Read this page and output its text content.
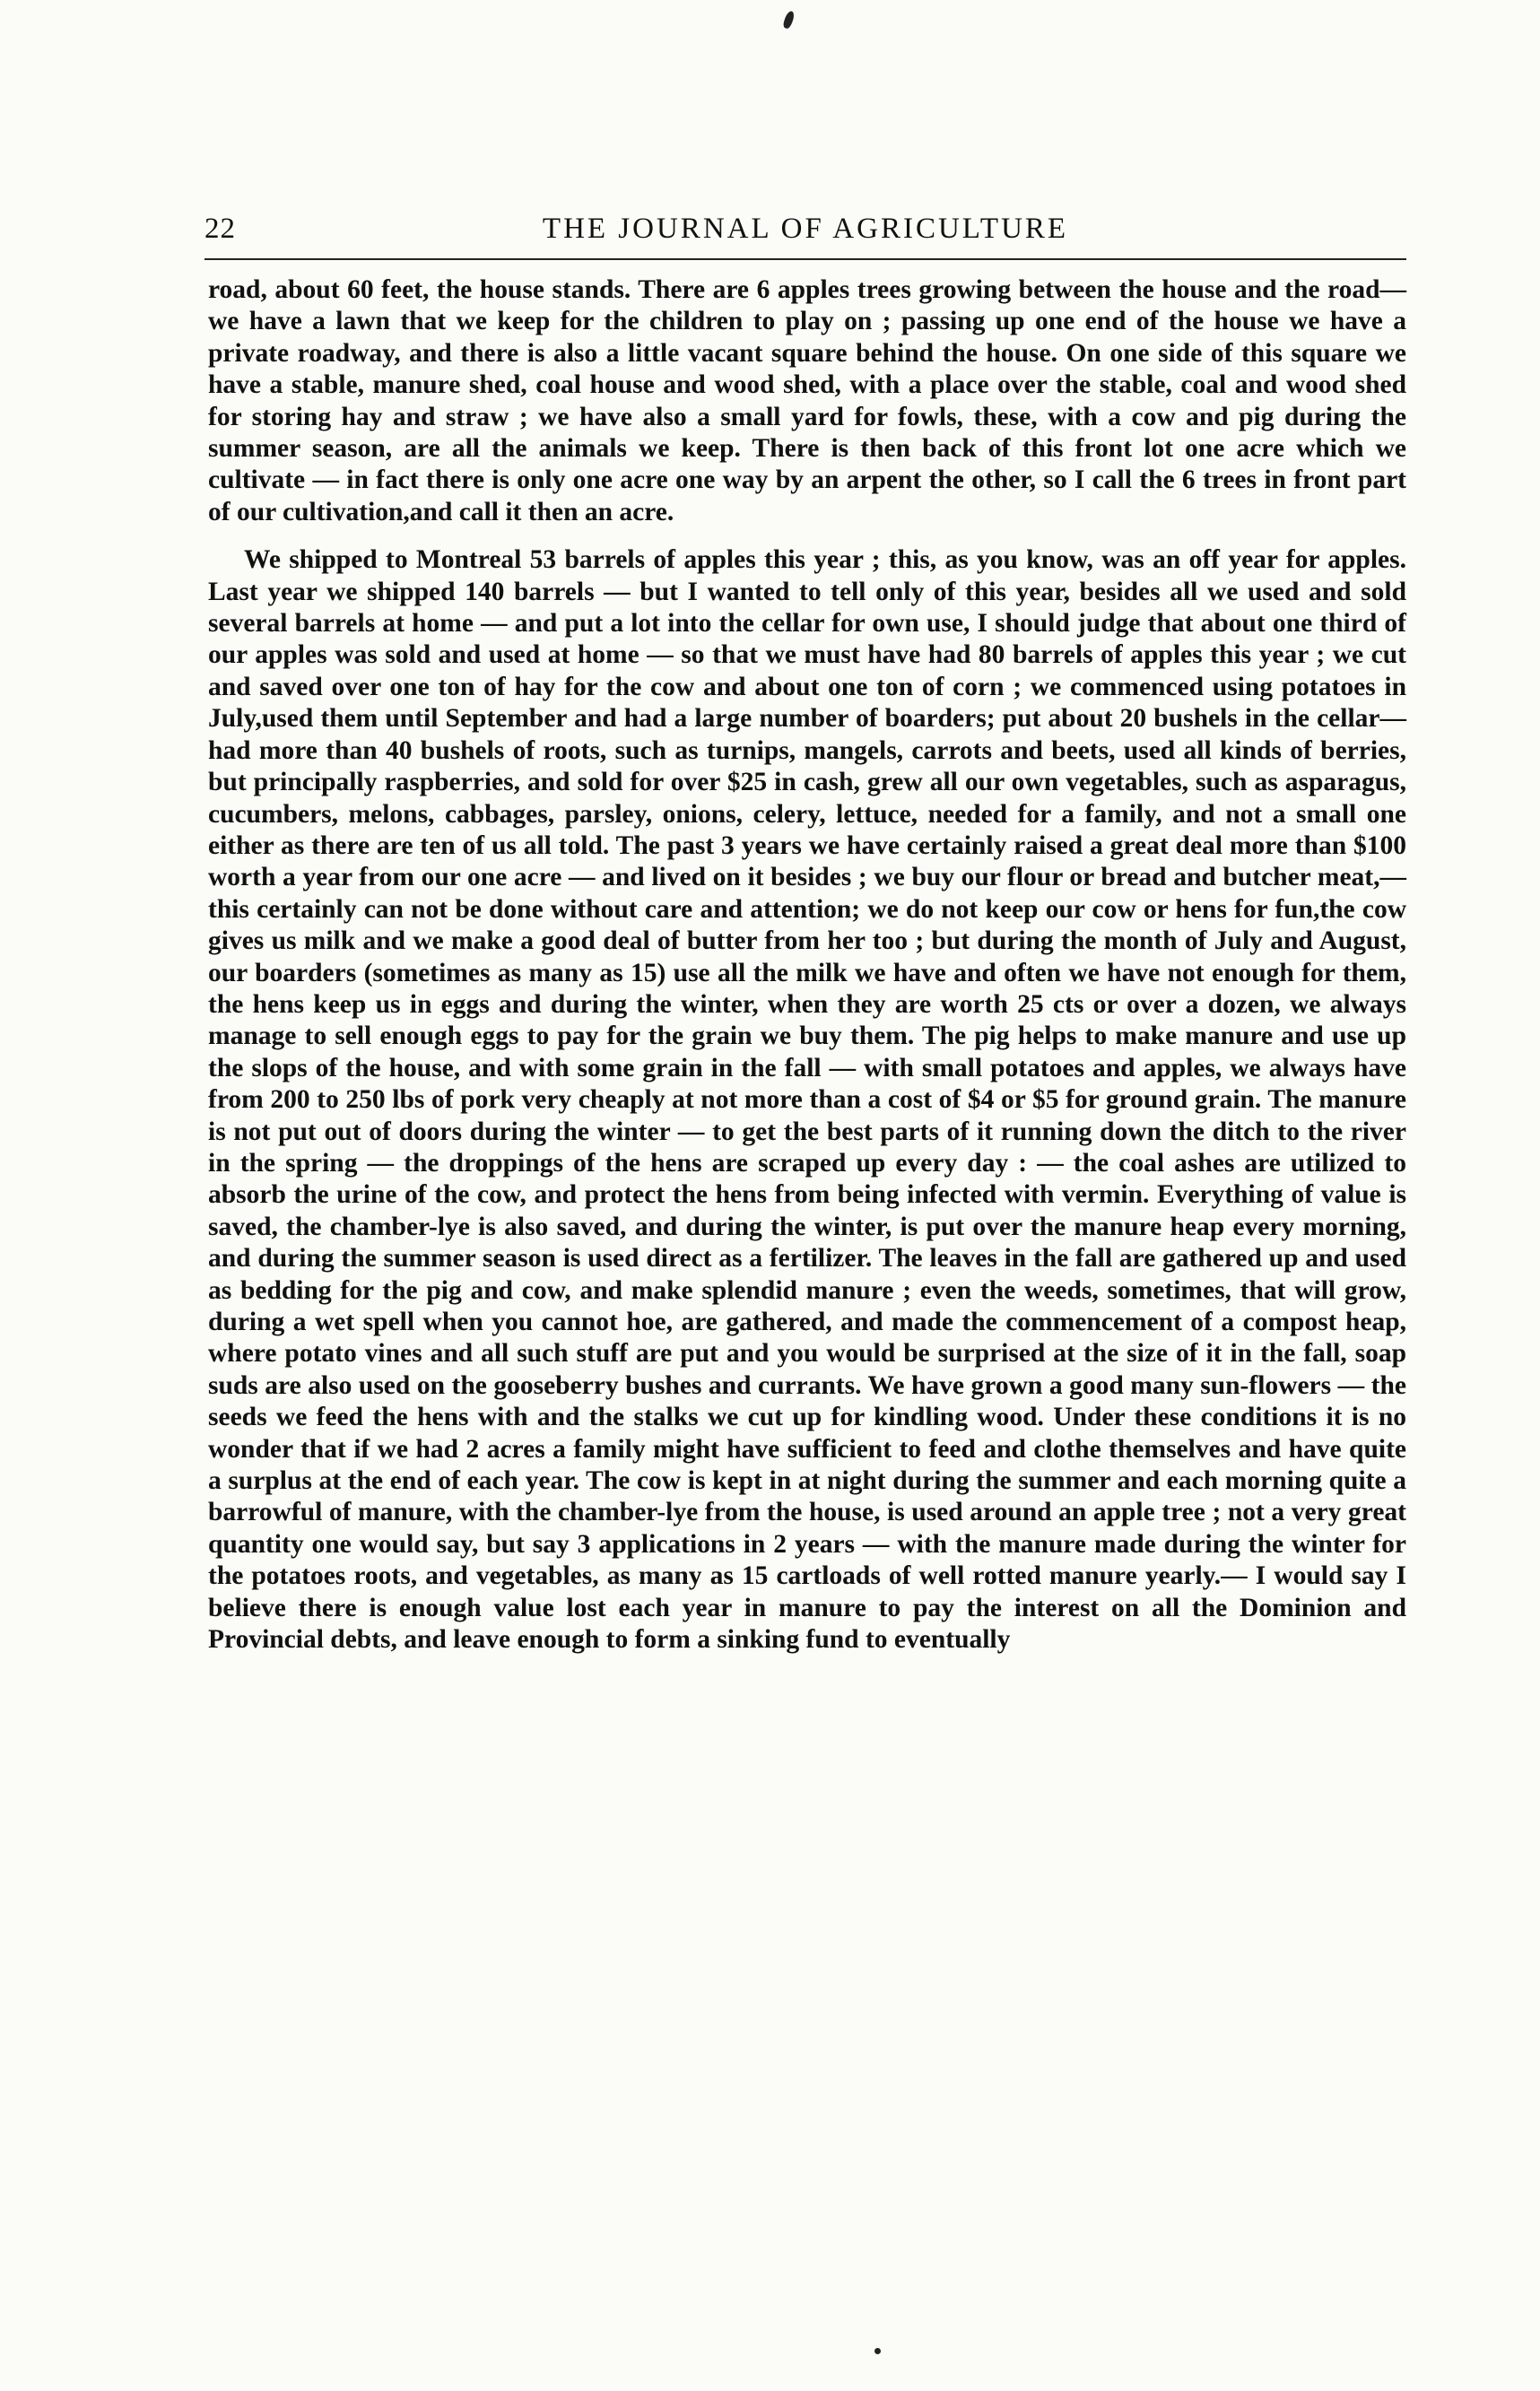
22	THE JOURNAL OF AGRICULTURE

road, about 60 feet, the house stands. There are 6 apples trees growing between the house and the road—we have a lawn that we keep for the children to play on ; passing up one end of the house we have a private roadway, and there is also a little vacant square behind the house. On one side of this square we have a stable, manure shed, coal house and wood shed, with a place over the stable, coal and wood shed for storing hay and straw ; we have also a small yard for fowls, these, with a cow and pig during the summer season, are all the animals we keep. There is then back of this front lot one acre which we cultivate — in fact there is only one acre one way by an arpent the other, so I call the 6 trees in front part of our cultivation,and call it then an acre.

We shipped to Montreal 53 barrels of apples this year ; this, as you know, was an off year for apples. Last year we shipped 140 barrels — but I wanted to tell only of this year, besides all we used and sold several barrels at home — and put a lot into the cellar for own use, I should judge that about one third of our apples was sold and used at home — so that we must have had 80 barrels of apples this year ; we cut and saved over one ton of hay for the cow and about one ton of corn ; we commenced using potatoes in July,used them until September and had a large number of boarders; put about 20 bushels in the cellar— had more than 40 bushels of roots, such as turnips, mangels, carrots and beets, used all kinds of berries, but principally raspberries, and sold for over $25 in cash, grew all our own vegetables, such as asparagus, cucumbers, melons, cabbages, parsley, onions, celery, lettuce, needed for a family, and not a small one either as there are ten of us all told. The past 3 years we have certainly raised a great deal more than $100 worth a year from our one acre — and lived on it besides ; we buy our flour or bread and butcher meat,— this certainly can not be done without care and attention; we do not keep our cow or hens for fun,the cow gives us milk and we make a good deal of butter from her too ; but during the month of July and August, our boarders (sometimes as many as 15) use all the milk we have and often we have not enough for them, the hens keep us in eggs and during the winter, when they are worth 25 cts or over a dozen, we always manage to sell enough eggs to pay for the grain we buy them. The pig helps to make manure and use up the slops of the house, and with some grain in the fall — with small potatoes and apples, we always have from 200 to 250 lbs of pork very cheaply at not more than a cost of $4 or $5 for ground grain. The manure is not put out of doors during the winter — to get the best parts of it running down the ditch to the river in the spring — the droppings of the hens are scraped up every day : — the coal ashes are utilized to absorb the urine of the cow, and protect the hens from being infected with vermin. Everything of value is saved, the chamber-lye is also saved, and during the winter, is put over the manure heap every morning, and during the summer season is used direct as a fertilizer. The leaves in the fall are gathered up and used as bedding for the pig and cow, and make splendid manure ; even the weeds, sometimes, that will grow, during a wet spell when you cannot hoe, are gathered, and made the commencement of a compost heap, where potato vines and all such stuff are put and you would be surprised at the size of it in the fall, soap suds are also used on the gooseberry bushes and currants. We have grown a good many sun-flowers — the seeds we feed the hens with and the stalks we cut up for kindling wood. Under these conditions it is no wonder that if we had 2 acres a family might have sufficient to feed and clothe themselves and have quite a surplus at the end of each year. The cow is kept in at night during the summer and each morning quite a barrowful of manure, with the chamber-lye from the house, is used around an apple tree ; not a very great quantity one would say, but say 3 applications in 2 years — with the manure made during the winter for the potatoes roots, and vegetables, as many as 15 cartloads of well rotted manure yearly.— I would say I believe there is enough value lost each year in manure to pay the interest on all the Dominion and Provincial debts, and leave enough to form a sinking fund to eventually
